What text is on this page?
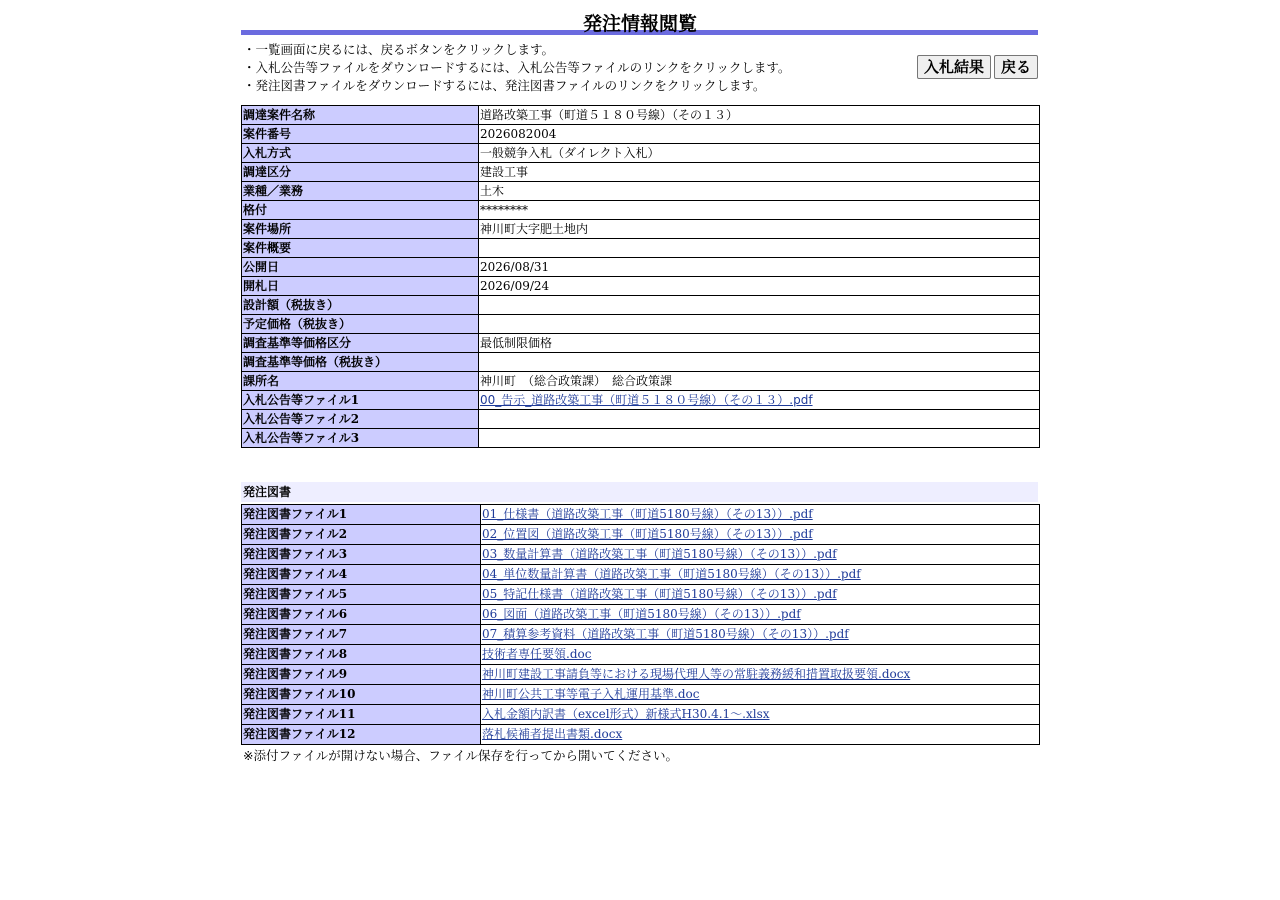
発注情報閲覧
・一覧画面に戻るには、戻るボタンをクリックします。
・入札公告等ファイルをダウンロードするには、入札公告等ファイルのリンクをクリックします。
・発注図書ファイルをダウンロードするには、発注図書ファイルのリンクをクリックします。
入札結果	戻る
調達案件名称	道路改築工事（町道５１８０号線）（その１３）
案件番号	2026082004
入札方式	一般競争入札（ダイレクト入札）
調達区分	建設工事
業種／業務	土木
格付	********
案件場所	神川町大字肥土地内
案件概要	
公開日	2026/08/31
開札日	2026/09/24
設計額（税抜き）	
予定価格（税抜き）	
調査基準等価格区分	最低制限価格
調査基準等価格（税抜き）	
課所名	神川町　（総合政策課）　総合政策課
入札公告等ファイル1	00_告示_道路改築工事（町道５１８０号線）（その１３）.pdf
入札公告等ファイル2	
入札公告等ファイル3	
発注図書
発注図書ファイル1	01_仕様書（道路改築工事（町道5180号線）（その13））.pdf
発注図書ファイル2	02_位置図（道路改築工事（町道5180号線）（その13））.pdf
発注図書ファイル3	03_数量計算書（道路改築工事（町道5180号線）（その13））.pdf
発注図書ファイル4	04_単位数量計算書（道路改築工事（町道5180号線）（その13））.pdf
発注図書ファイル5	05_特記仕様書（道路改築工事（町道5180号線）（その13））.pdf
発注図書ファイル6	06_図面（道路改築工事（町道5180号線）（その13））.pdf
発注図書ファイル7	07_積算参考資料（道路改築工事（町道5180号線）（その13））.pdf
発注図書ファイル8	技術者専任要領.doc
発注図書ファイル9	神川町建設工事請負等における現場代理人等の常駐義務緩和措置取扱要領.docx
発注図書ファイル10	神川町公共工事等電子入札運用基準.doc
発注図書ファイル11	入札金額内訳書（excel形式）新様式H30.4.1～.xlsx
発注図書ファイル12	落札候補者提出書類.docx
※添付ファイルが開けない場合、ファイル保存を行ってから開いてください。
